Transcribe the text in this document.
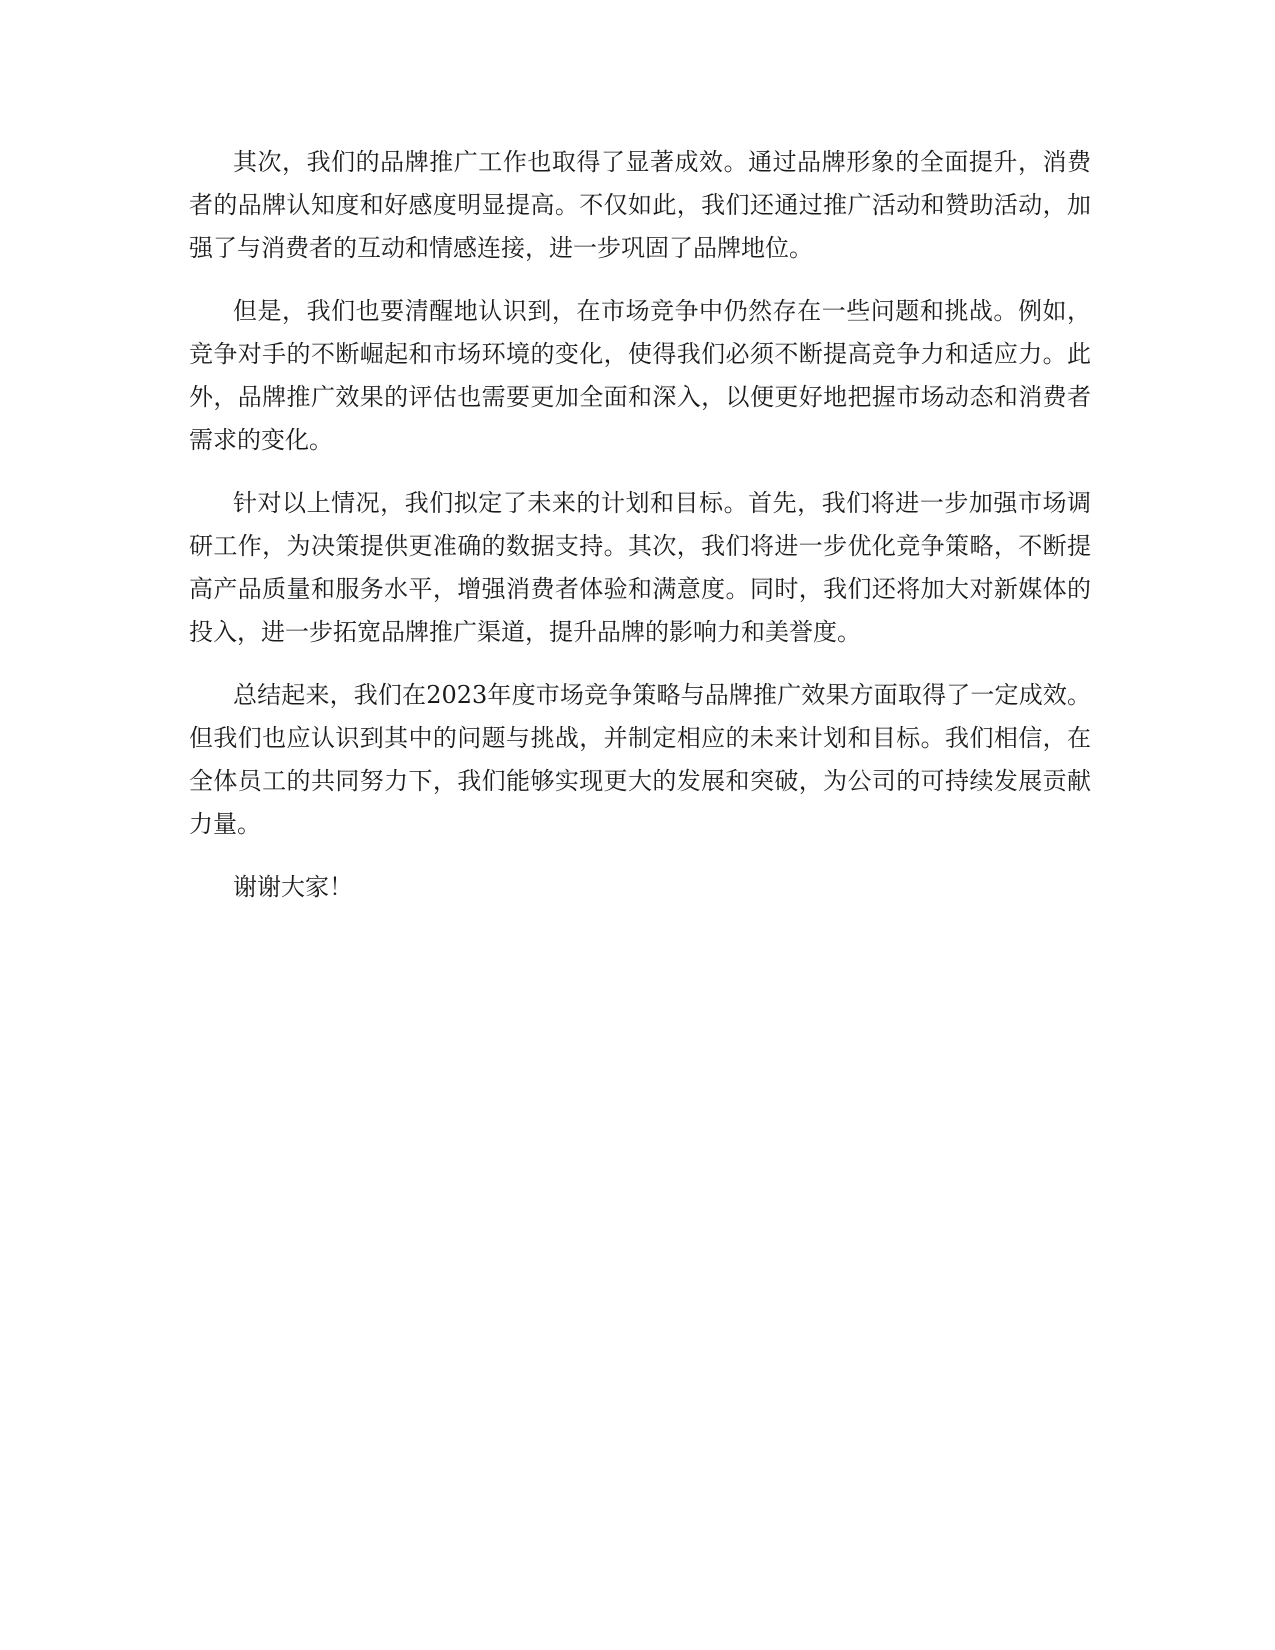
其次，我们的品牌推广工作也取得了显著成效。通过品牌形象的全面提升，消费者的品牌认知度和好感度明显提高。不仅如此，我们还通过推广活动和赞助活动，加强了与消费者的互动和情感连接，进一步巩固了品牌地位。

但是，我们也要清醒地认识到，在市场竞争中仍然存在一些问题和挑战。例如，竞争对手的不断崛起和市场环境的变化，使得我们必须不断提高竞争力和适应力。此外，品牌推广效果的评估也需要更加全面和深入，以便更好地把握市场动态和消费者需求的变化。

针对以上情况，我们拟定了未来的计划和目标。首先，我们将进一步加强市场调研工作，为决策提供更准确的数据支持。其次，我们将进一步优化竞争策略，不断提高产品质量和服务水平，增强消费者体验和满意度。同时，我们还将加大对新媒体的投入，进一步拓宽品牌推广渠道，提升品牌的影响力和美誉度。

总结起来，我们在2023年度市场竞争策略与品牌推广效果方面取得了一定成效。但我们也应认识到其中的问题与挑战，并制定相应的未来计划和目标。我们相信，在全体员工的共同努力下，我们能够实现更大的发展和突破，为公司的可持续发展贡献力量。

谢谢大家！
